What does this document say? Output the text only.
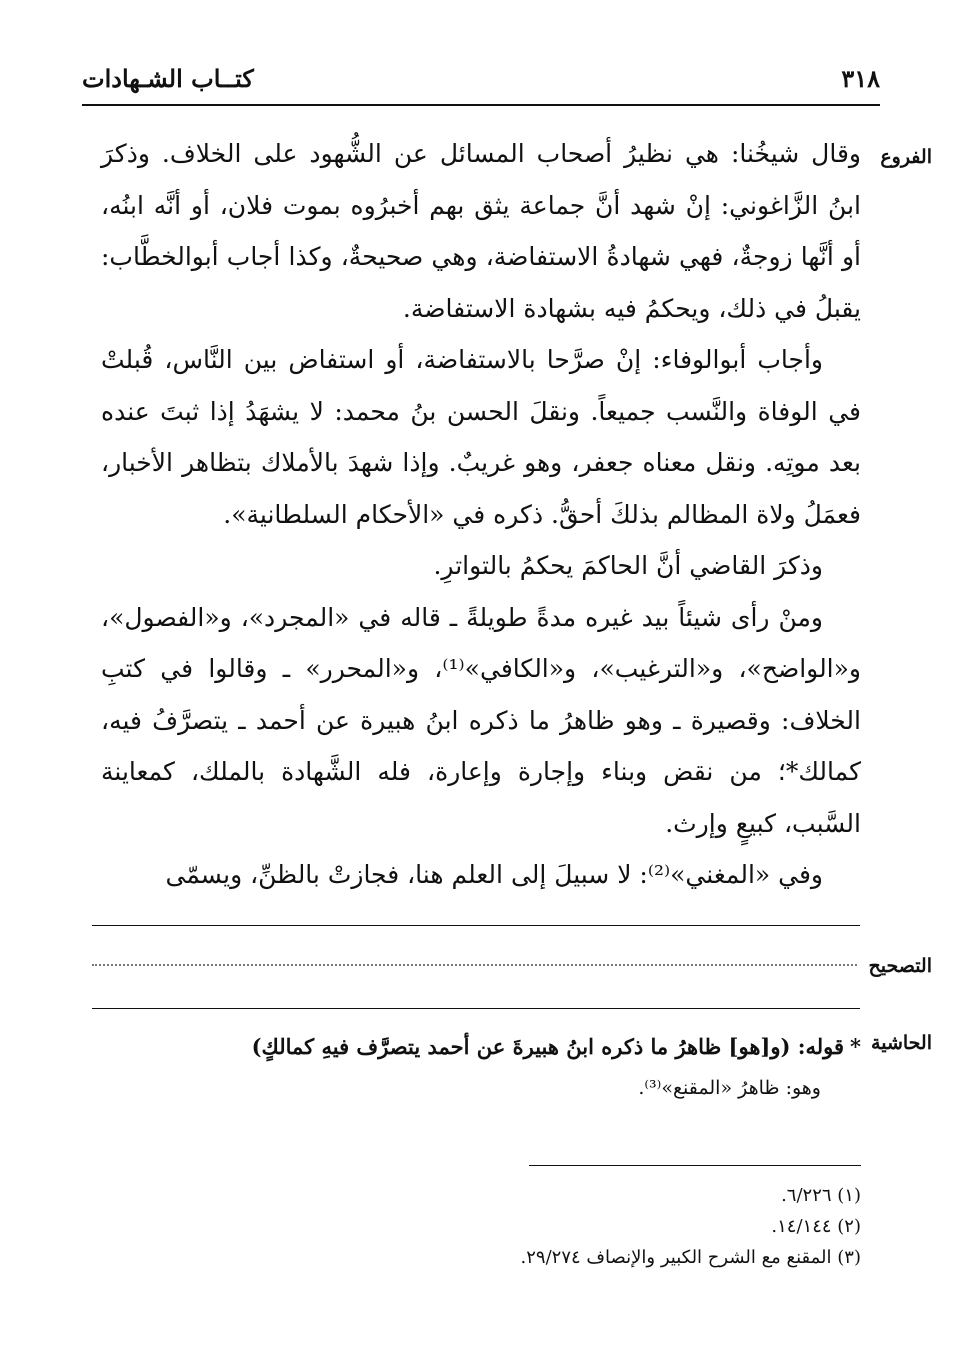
٣١٨
كتــاب الشـهادات
الفروع
التصحيح
الحاشية

وقال شيخُنا: هي نظيرُ أصحاب المسائل عن الشُّهود على الخلاف. وذكرَ ابنُ الزَّاغوني: إنْ شهد أنَّ جماعة يثق بهم أخبرُوه بموت فلان، أو أنَّه ابنُه، أو أنَّها زوجةٌ، فهي شهادةُ الاستفاضة، وهي صحيحةٌ، وكذا أجاب أبوالخطَّاب: يقبلُ في ذلك، ويحكمُ فيه بشهادة الاستفاضة.

وأجاب أبوالوفاء: إنْ صرَّحا بالاستفاضة، أو استفاض بين النَّاس، قُبلتْ في الوفاة والنَّسب جميعاً. ونقلَ الحسن بنُ محمد: لا يشهَدُ إذا ثبتَ عنده بعد موتِه. ونقل معناه جعفر، وهو غريبٌ. وإذا شهدَ بالأملاك بتظاهر الأخبار، فعمَلُ ولاة المظالم بذلكَ أحقُّ. ذكره في «الأحكام السلطانية».

وذكرَ القاضي أنَّ الحاكمَ يحكمُ بالتواترِ.

ومنْ رأى شيئاً بيد غيره مدةً طويلةً ـ قاله في «المجرد»، و«الفصول»، و«الواضح»، و«الترغيب»، و«الكافي»⁽¹⁾، و«المحرر» ـ وقالوا في كتبِ الخلاف: وقصيرة ـ وهو ظاهرُ ما ذكره ابنُ هبيرة عن أحمد ـ يتصرَّفُ فيه، كمالك*؛ من نقض وبناء وإجارة وإعارة، فله الشَّهادة بالملك، كمعاينة السَّبب، كبيعٍ وإرث.

وفي «المغني»⁽²⁾: لا سبيلَ إلى العلم هنا، فجازتْ بالظنِّ، ويسمّى

*قوله: (و[هو] ظاهرُ ما ذكره ابنُ هبيرةَ عن أحمد يتصرَّف فيهِ كمالكٍ)

وهو: ظاهرُ «المقنع»⁽³⁾.

(١) ٦/٢٢٦.

(٢) ١٤/١٤٤.

(٣) المقنع مع الشرح الكبير والإنصاف ٢٩/٢٧٤.
